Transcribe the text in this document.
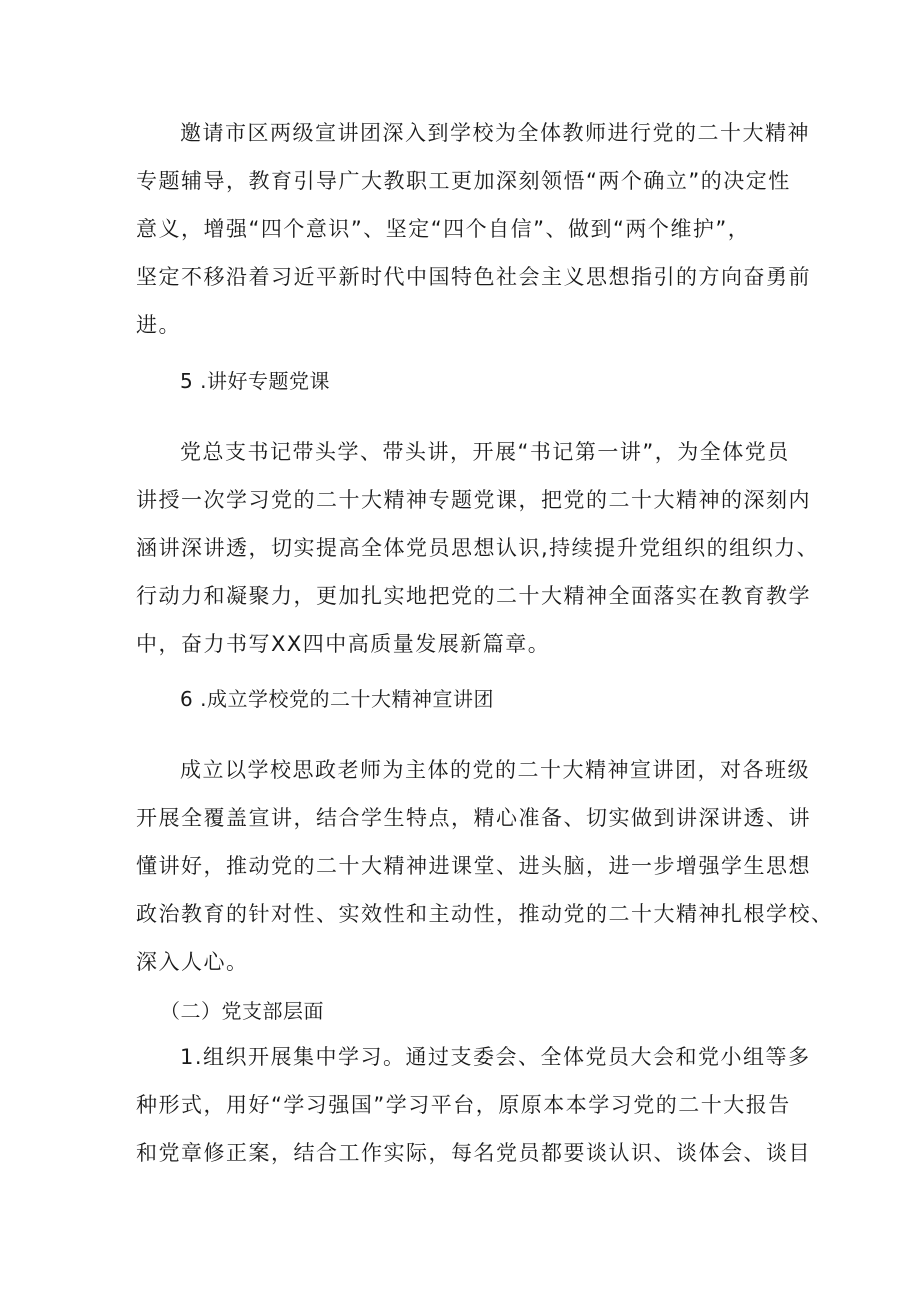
邀请市区两级宣讲团深入到学校为全体教师进行党的二十大精神
专题辅导，教育引导广大教职工更加深刻领悟“两个确立”的决定性
意义，增强“四个意识”、坚定“四个自信”、做到“两个维护”，
坚定不移沿着习近平新时代中国特色社会主义思想指引的方向奋勇前
进。
5 .讲好专题党课
党总支书记带头学、带头讲，开展“书记第一讲”，为全体党员
讲授一次学习党的二十大精神专题党课，把党的二十大精神的深刻内
涵讲深讲透，切实提高全体党员思想认识,持续提升党组织的组织力、
行动力和凝聚力，更加扎实地把党的二十大精神全面落实在教育教学
中，奋力书写XX四中高质量发展新篇章。
6 .成立学校党的二十大精神宣讲团
成立以学校思政老师为主体的党的二十大精神宣讲团，对各班级
开展全覆盖宣讲，结合学生特点，精心准备、切实做到讲深讲透、讲
懂讲好，推动党的二十大精神进课堂、进头脑，进一步增强学生思想
政治教育的针对性、实效性和主动性，推动党的二十大精神扎根学校、
深入人心。
（二）党支部层面
1.组织开展集中学习。通过支委会、全体党员大会和党小组等多
种形式，用好“学习强国”学习平台，原原本本学习党的二十大报告
和党章修正案，结合工作实际，每名党员都要谈认识、谈体会、谈目
